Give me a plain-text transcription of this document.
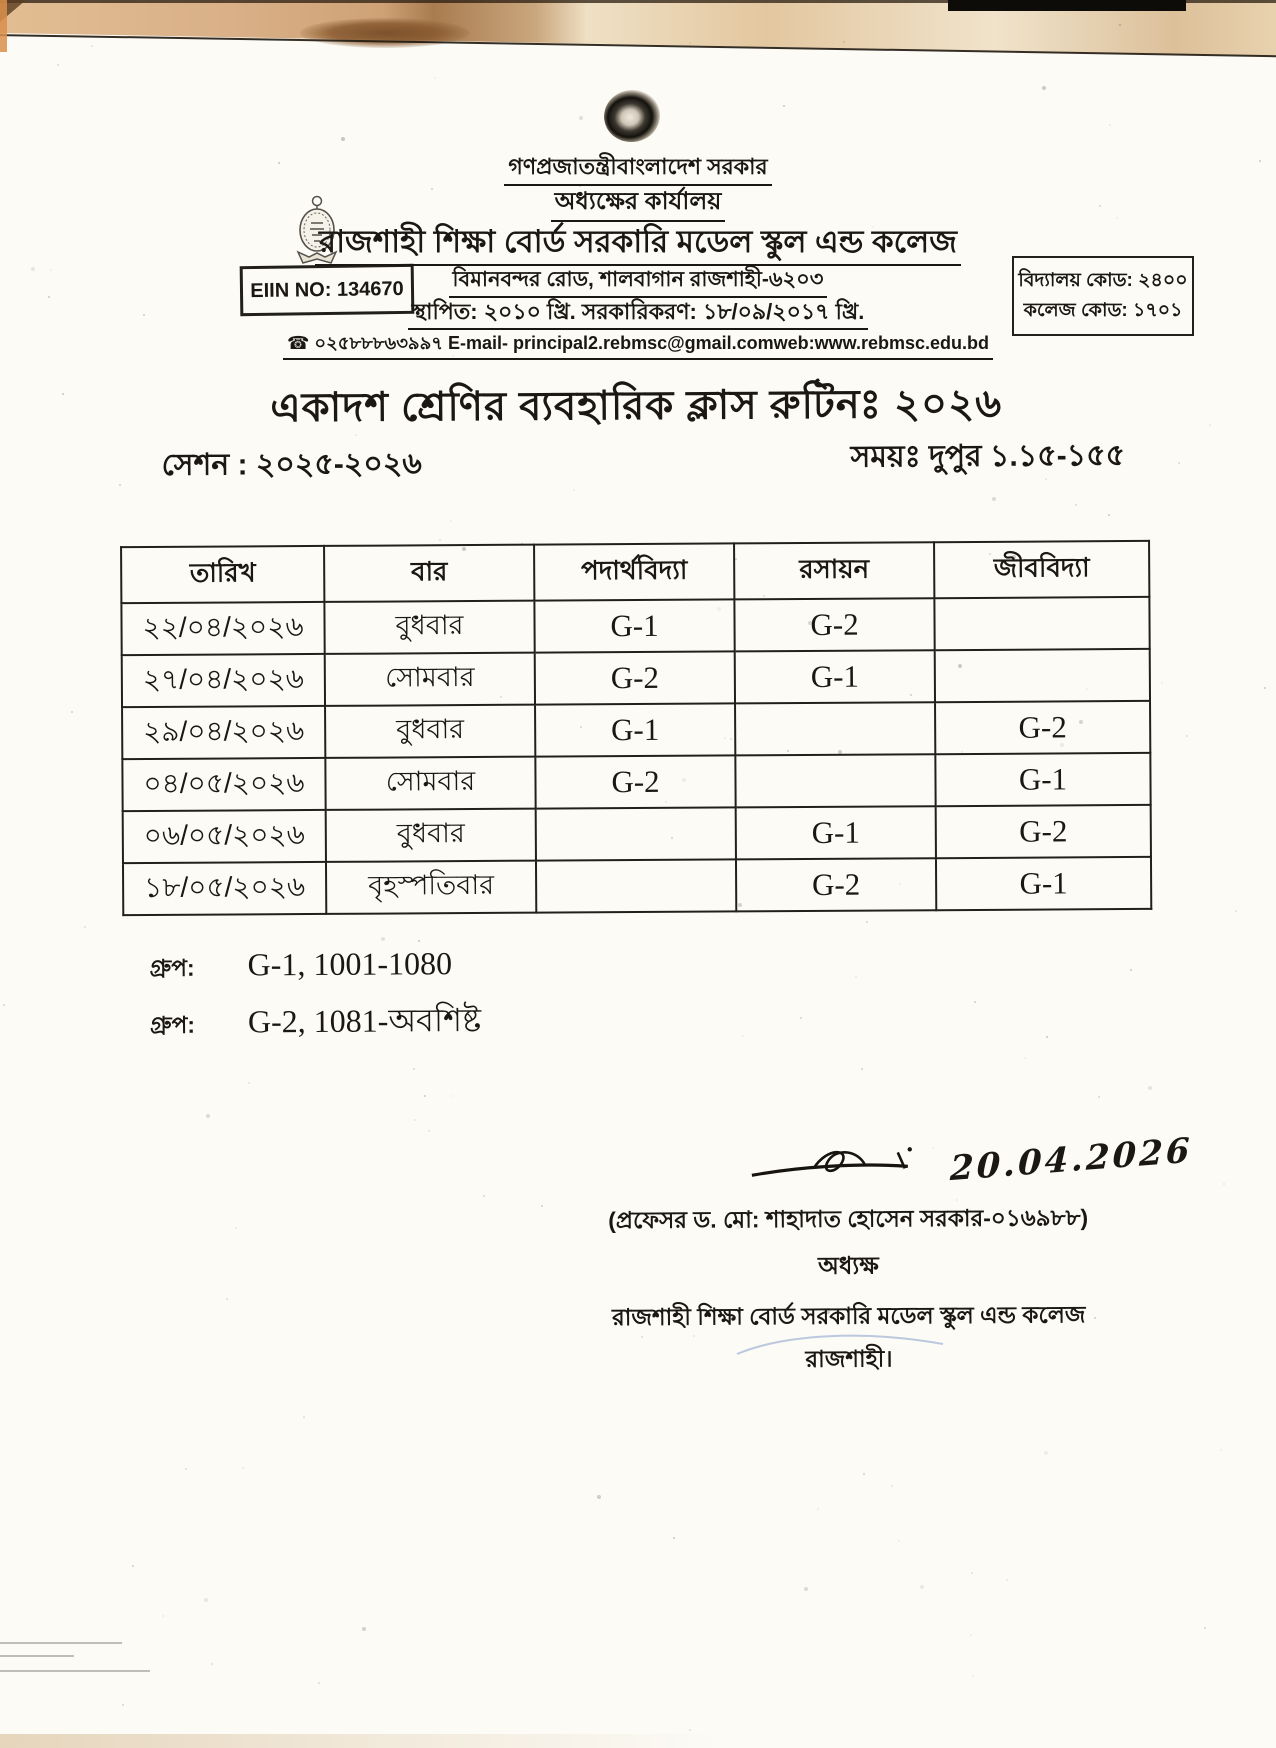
EIIN NO: 134670	বিদ্যালয় কোড: ২৪০০
কলেজ কোড: ১৭০১
গণপ্রজাতন্ত্রীবাংলাদেশ সরকার
অধ্যক্ষের কার্যালয়
রাজশাহী শিক্ষা বোর্ড সরকারি মডেল স্কুল এন্ড কলেজ
বিমানবন্দর রোড, শালবাগান রাজশাহী-৬২০৩
স্থাপিত: ২০১০ খ্রি. সরকারিকরণ: ১৮/০৯/২০১৭ খ্রি.
☎ ০২৫৮৮৮৬৩৯৯৭ E-mail- principal2.rebmsc@gmail.comweb:www.rebmsc.edu.bd
একাদশ শ্রেণির ব্যবহারিক ক্লাস রুটিনঃ ২০২৬
সেশন : ২০২৫-২০২৬	সময়ঃ দুপুর ১.১৫-১৫৫
তারিখ	বার	পদার্থবিদ্যা	রসায়ন	জীববিদ্যা
২২/০৪/২০২৬	বুধবার	G-1	G-2	
২৭/০৪/২০২৬	সোমবার	G-2	G-1	
২৯/০৪/২০২৬	বুধবার	G-1		G-2
০৪/০৫/২০২৬	সোমবার	G-2		G-1
০৬/০৫/২০২৬	বুধবার		G-1	G-2
১৮/০৫/২০২৬	বৃহস্পতিবার		G-2	G-1
গ্রুপ:	G-1, 1001-1080
গ্রুপ:	G-2, 1081-অবশিষ্ট
20.04.2026
(প্রফেসর ড. মো: শাহাদাত হোসেন সরকার-০১৬৯৮৮)
অধ্যক্ষ
রাজশাহী শিক্ষা বোর্ড সরকারি মডেল স্কুল এন্ড কলেজ
রাজশাহী।
